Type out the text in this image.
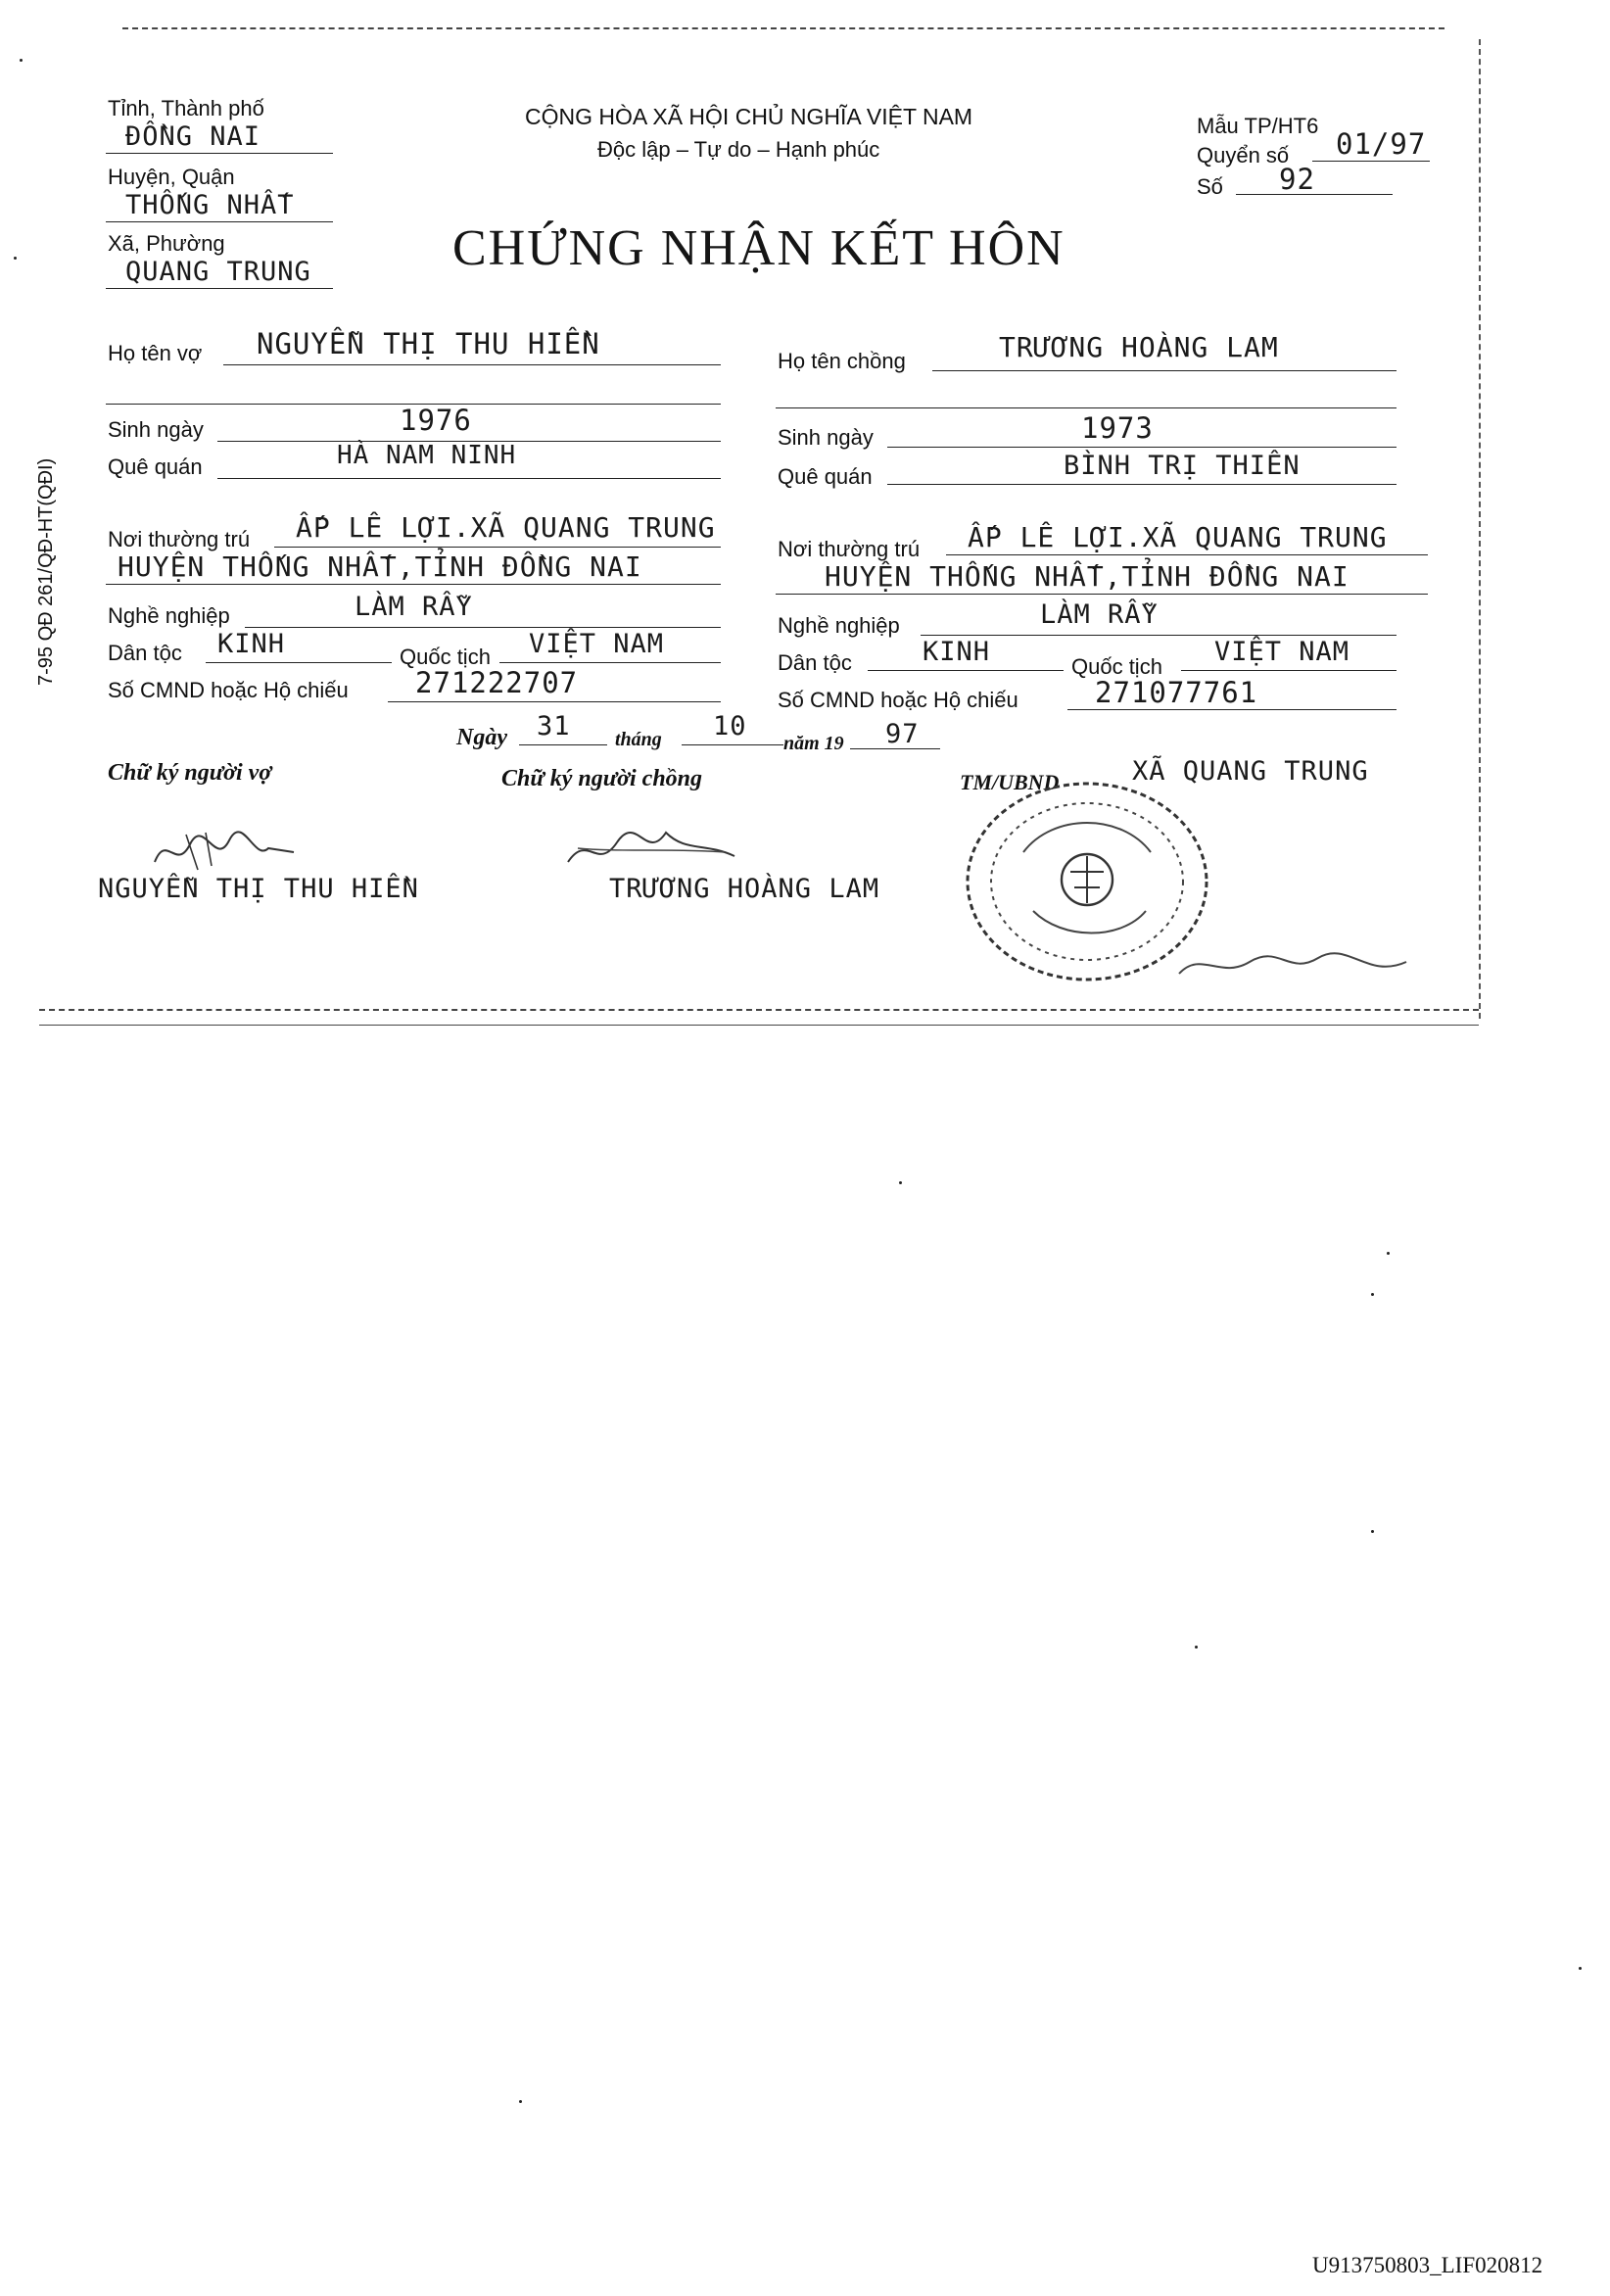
7-95 QĐ 261/QĐ-HT(QĐI)
Tỉnh, Thành phố
ĐỒNG NAI
Huyện, Quận
THỐNG NHẤT
Xã, Phường
QUANG TRUNG
CỘNG HÒA XÃ HỘI CHỦ NGHĨA VIỆT NAM
Độc lập – Tự do – Hạnh phúc
Mẫu TP/HT6
Quyển số 01/97
Số 92
CHỨNG NHẬN KẾT HÔN
Họ tên vợ NGUYỄN THỊ THU HIỀN
Sinh ngày	1976
Quê quán	HÀ NAM NINH
Nơi thường trú ẤP LÊ LỢI.XÃ QUANG TRUNG
HUYỆN THỐNG NHẤT,TỈNH ĐỒNG NAI
Nghề nghiệp	LÀM RẪY
Dân tộc KINH	Quốc tịch VIỆT NAM
Số CMND hoặc Hộ chiếu 271222707
Họ tên chồng	TRƯƠNG HOÀNG LAM
Sinh ngày	1973
Quê quán	BÌNH TRỊ THIÊN
Nơi thường trú ẤP LÊ LỢI.XÃ QUANG TRUNG
HUYỆN THỐNG NHẤT,TỈNH ĐỒNG NAI
Nghề nghiệp	LÀM RẪY
Dân tộc	KINH	Quốc tịch VIỆT NAM
Số CMND hoặc Hộ chiếu	271077761
Ngày 31 tháng 10
năm 19 97
Chữ ký người vợ	Chữ ký người chồng	TM/UBND	XÃ QUANG TRUNG
NGUYỄN THỊ THU HIỀN	TRƯƠNG HOÀNG LAM
U913750803_LIF020812
